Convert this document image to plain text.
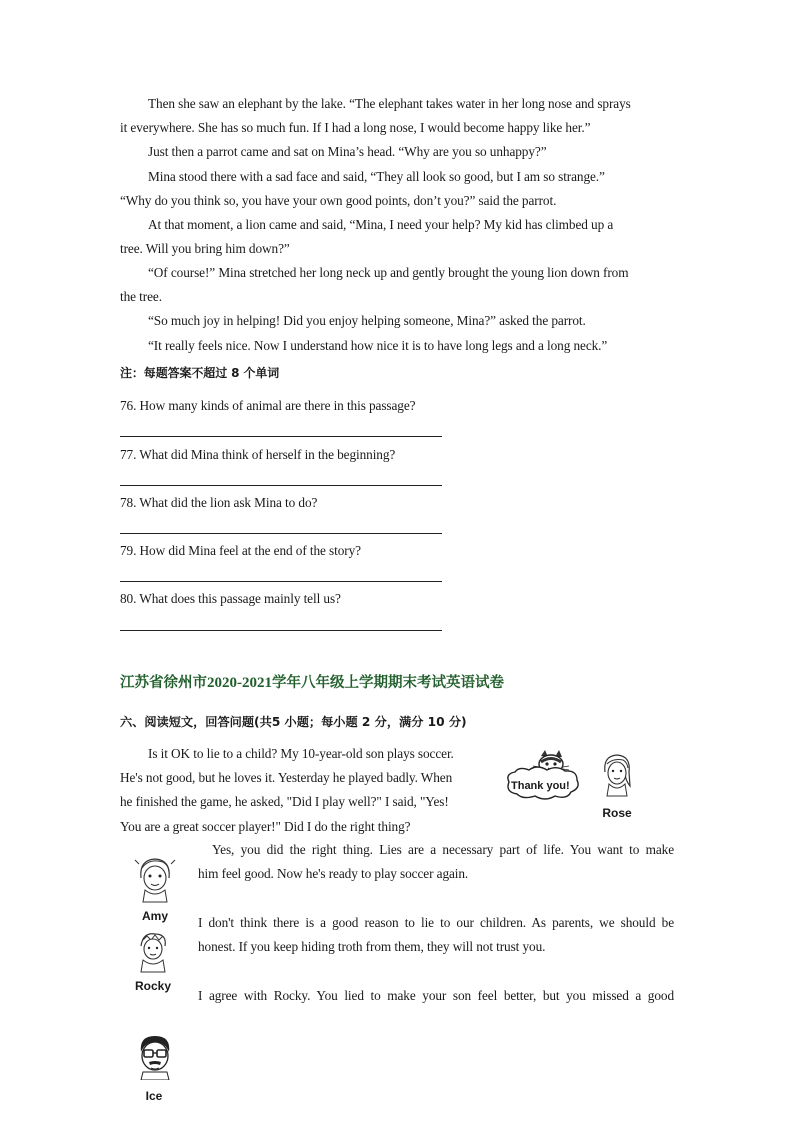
Then she saw an elephant by the lake. “The elephant takes water in her long nose and sprays
it everywhere. She has so much fun. If I had a long nose, I would become happy like her.”
Just then a parrot came and sat on Mina’s head. “Why are you so unhappy?”
Mina stood there with a sad face and said, “They all look so good, but I am so strange.”
“Why do you think so, you have your own good points, don’t you?” said the parrot.
At that moment, a lion came and said, “Mina, I need your help? My kid has climbed up a
tree. Will you bring him down?”
“Of course!” Mina stretched her long neck up and gently brought the young lion down from
the tree.
“So much joy in helping! Did you enjoy helping someone, Mina?” asked the parrot.
“It really feels nice. Now I understand how nice it is to have long legs and a long neck.”
注：每题答案不超过 8 个单词
76. How many kinds of animal are there in this passage?
77. What did Mina think of herself in the beginning?
78. What did the lion ask Mina to do?
79. How did Mina feel at the end of the story?
80. What does this passage mainly tell us?
江苏省徐州市2020-2021学年八年级上学期期末考试英语试卷
六、阅读短文，回答问题(共5 小题；每小题 2 分，满分 10 分)
Is it OK to lie to a child? My 10-year-old son plays soccer.
He's not good, but he loves it. Yesterday he played badly. When
he finished the game, he asked, "Did I play well?" I said, "Yes!
You are a great soccer player!" Did I do the right thing?
Thank you!
Rose
Yes, you did the right thing. Lies are a necessary part of life. You want to make
him feel good. Now he's ready to play soccer again.
Amy	I don't think there is a good reason to lie to our children. As parents, we should be
honest. If you keep hiding troth from them, they will not trust you.
Rocky
I agree with Rocky. You lied to make your son feel better, but you missed a good
Ice
